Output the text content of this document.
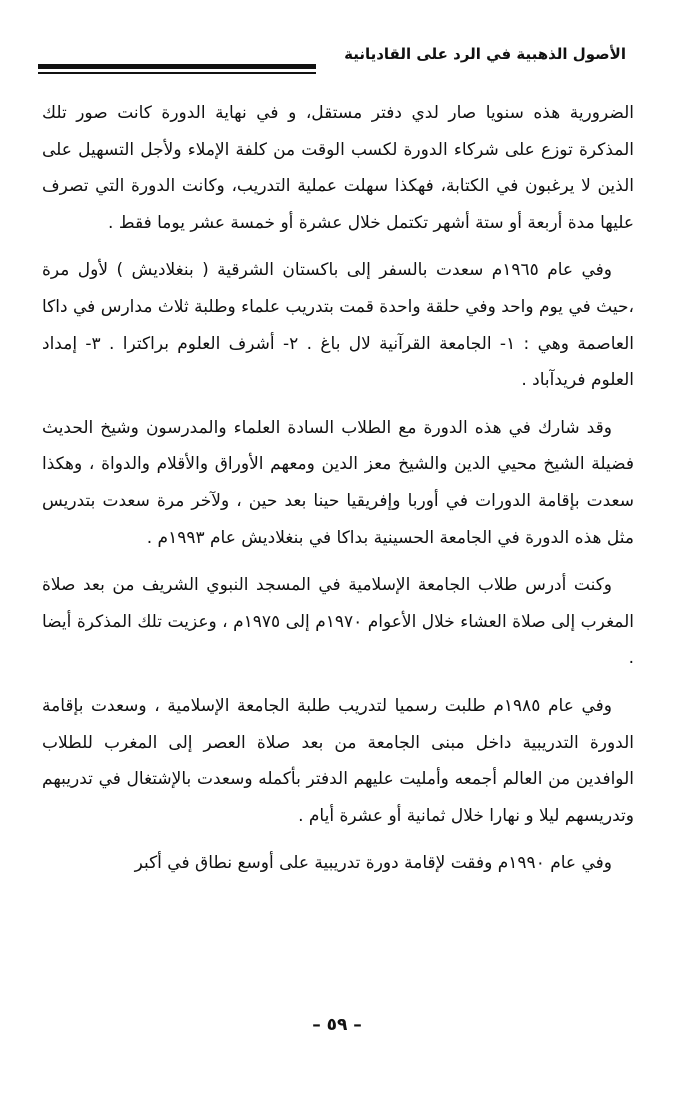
الأصول الذهبية في الرد على القاديانية

الضرورية هذه سنويا صار لدي دفتر مستقل، و في نهاية الدورة كانت صور تلك المذكرة توزع على شركاء الدورة لكسب الوقت من كلفة الإملاء ولأجل التسهيل على الذين لا يرغبون في الكتابة، فهكذا سهلت عملية التدريب، وكانت الدورة التي تصرف عليها مدة أربعة أو ستة أشهر تكتمل خلال عشرة أو خمسة عشر يوما فقط .

وفي عام ١٩٦٥م سعدت بالسفر إلى باكستان الشرقية ( بنغلاديش ) لأول مرة ،حيث في يوم واحد وفي حلقة واحدة قمت بتدريب علماء وطلبة ثلاث مدارس في داكا العاصمة وهي : ١- الجامعة القرآنية لال باغ . ٢- أشرف العلوم براكترا . ٣- إمداد العلوم فريدآباد .

وقد شارك في هذه الدورة مع الطلاب السادة العلماء والمدرسون وشيخ الحديث فضيلة الشيخ محيي الدين والشيخ معز الدين ومعهم الأوراق والأقلام والدواة ، وهكذا سعدت بإقامة الدورات في أوربا وإفريقيا حينا بعد حين ، ولآخر مرة سعدت بتدريس مثل هذه الدورة في الجامعة الحسينية بداكا في بنغلاديش عام ١٩٩٣م .

وكنت أدرس طلاب الجامعة الإسلامية في المسجد النبوي الشريف من بعد صلاة المغرب إلى صلاة العشاء خلال الأعوام ١٩٧٠م إلى ١٩٧٥م ، وعزيت تلك المذكرة أيضا .

وفي عام ١٩٨٥م طلبت رسميا لتدريب طلبة الجامعة الإسلامية ، وسعدت بإقامة الدورة التدريبية داخل مبنى الجامعة من بعد صلاة العصر إلى المغرب للطلاب الوافدين من العالم أجمعه وأمليت عليهم الدفتر بأكمله وسعدت بالإشتغال في تدريبهم وتدريسهم ليلا و نهارا خلال ثمانية أو عشرة أيام .

وفي عام ١٩٩٠م وفقت لإقامة دورة تدريبية على أوسع نطاق في أكبر

– ٥٩ –
